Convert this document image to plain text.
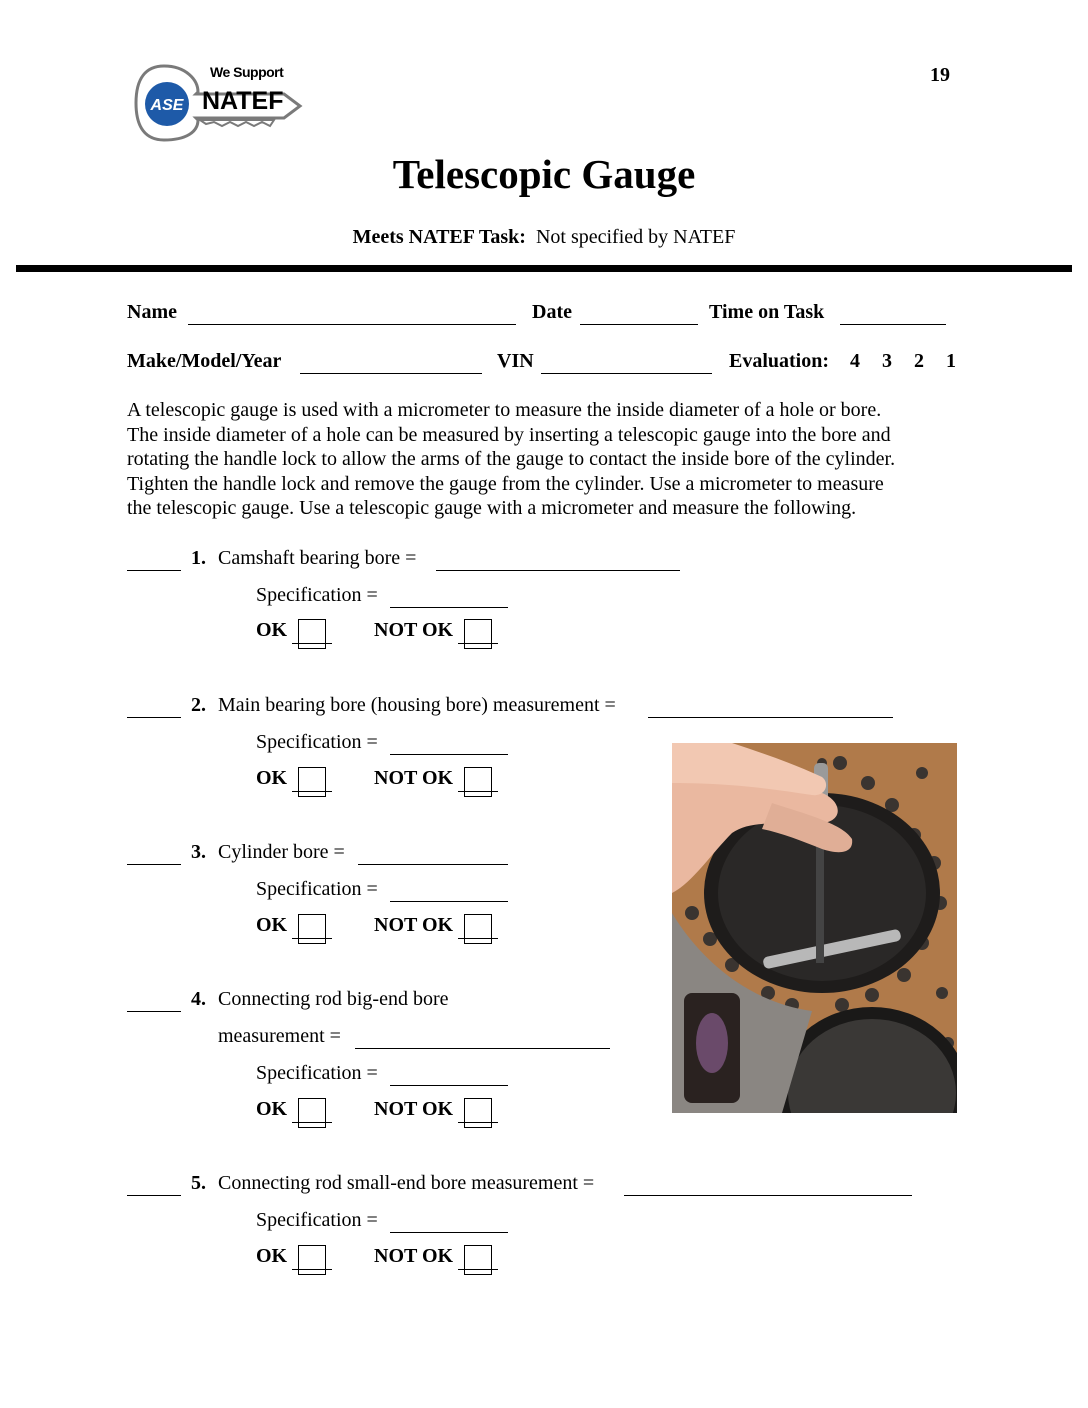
ASE
We Support
NATEF
19
Telescopic Gauge
Meets NATEF Task: Not specified by NATEF
Name	Date	Time on Task
Make/Model/Year	VIN	Evaluation: 4 3 2 1

A telescopic gauge is used with a micrometer to measure the inside diameter of a hole or bore.

The inside diameter of a hole can be measured by inserting a telescopic gauge into the bore and

rotating the handle lock to allow the arms of the gauge to contact the inside bore of the cylinder.

Tighten the handle lock and remove the gauge from the cylinder. Use a micrometer to measure

the telescopic gauge. Use a telescopic gauge with a micrometer and measure the following.

1. Camshaft bearing bore =
Specification =
OK	NOT OK
2. Main bearing bore (housing bore) measurement =
Specification =
OK	NOT OK
3. Cylinder bore =
Specification =
OK	NOT OK
4. Connecting rod big-end bore
measurement =
Specification =
OK	NOT OK
5. Connecting rod small-end bore measurement =
Specification =
OK	NOT OK
